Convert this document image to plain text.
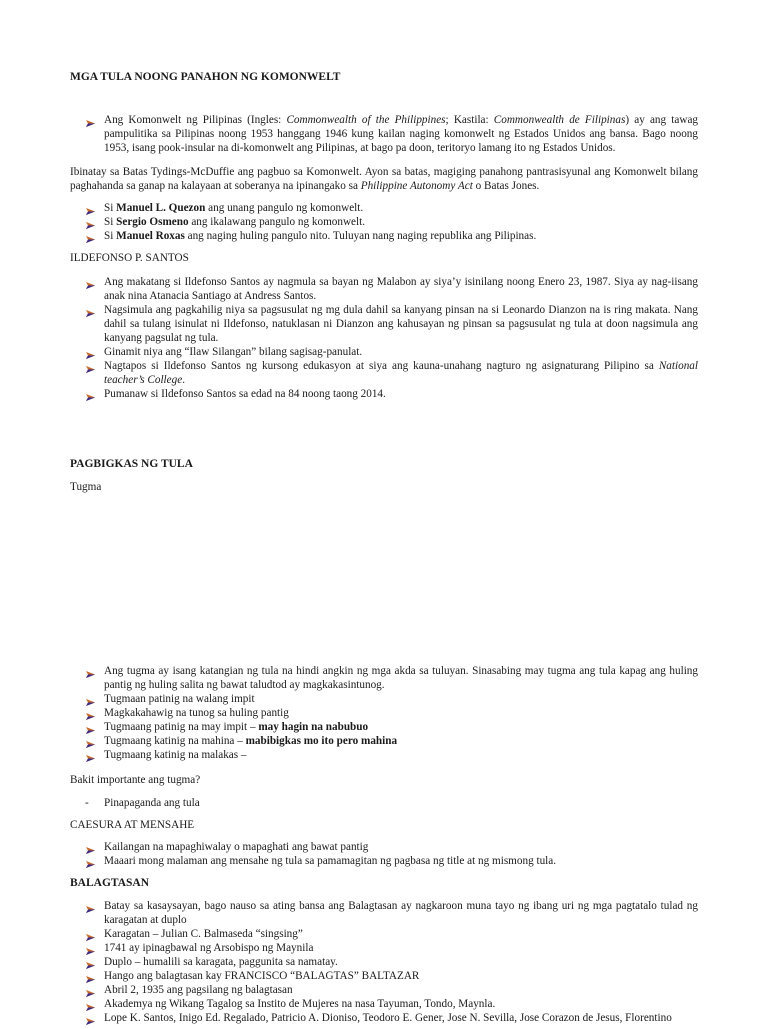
MGA TULA NOONG PANAHON NG KOMONWELT
Ang Komonwelt ng Pilipinas (Ingles: Commonwealth of the Philippines; Kastila: Commonwealth de Filipinas) ay ang tawag pampulitika sa Pilipinas noong 1953 hanggang 1946 kung kailan naging komonwelt ng Estados Unidos ang bansa. Bago noong 1953, isang pook-insular na di-komonwelt ang Pilipinas, at bago pa doon, teritoryo lamang ito ng Estados Unidos.
Ibinatay sa Batas Tydings-McDuffie ang pagbuo sa Komonwelt. Ayon sa batas, magiging panahong pantrasisyunal ang Komonwelt bilang paghahanda sa ganap na kalayaan at soberanya na ipinangako sa Philippine Autonomy Act o Batas Jones.
Si Manuel L. Quezon ang unang pangulo ng komonwelt.
Si Sergio Osmeno ang ikalawang pangulo ng komonwelt.
Si Manuel Roxas ang naging huling pangulo nito. Tuluyan nang naging republika ang Pilipinas.
ILDEFONSO P. SANTOS
Ang makatang si Ildefonso Santos ay nagmula sa bayan ng Malabon ay siya’y isinilang noong Enero 23, 1987. Siya ay nag-iisang anak nina Atanacia Santiago at Andress Santos.
Nagsimula ang pagkahilig niya sa pagsusulat ng mg dula dahil sa kanyang pinsan na si Leonardo Dianzon na is ring makata. Nang dahil sa tulang isinulat ni Ildefonso, natuklasan ni Dianzon ang kahusayan ng pinsan sa pagsusulat ng tula at doon nagsimula ang kanyang pagsulat ng tula.
Ginamit niya ang “Ilaw Silangan” bilang sagisag-panulat.
Nagtapos si Ildefonso Santos ng kursong edukasyon at siya ang kauna-unahang nagturo ng asignaturang Pilipino sa National teacher’s College.
Pumanaw si Ildefonso Santos sa edad na 84 noong taong 2014.
PAGBIGKAS NG TULA
Tugma
Ang tugma ay isang katangian ng tula na hindi angkin ng mga akda sa tuluyan. Sinasabing may tugma ang tula kapag ang huling pantig ng huling salita ng bawat taludtod ay magkakasintunog.
Tugmaan patinig na walang impit
Magkakahawig na tunog sa huling pantig
Tugmaang patinig na may impit – may hagin na nabubuo
Tugmaang katinig na mahina – mabibigkas mo ito pero mahina
Tugmaang katinig na malakas –
Bakit importante ang tugma?
- Pinapaganda ang tula
CAESURA AT MENSAHE
Kailangan na mapaghiwalay o mapaghati ang bawat pantig
Maaari mong malaman ang mensahe ng tula sa pamamagitan ng pagbasa ng title at ng mismong tula.
BALAGTASAN
Batay sa kasaysayan, bago nauso sa ating bansa ang Balagtasan ay nagkaroon muna tayo ng ibang uri ng mga pagtatalo tulad ng karagatan at duplo
Karagatan – Julian C. Balmaseda “singsing”
1741 ay ipinagbawal ng Arsobispo ng Maynila
Duplo – humalili sa karagata, paggunita sa namatay.
Hango ang balagtasan kay FRANCISCO “BALAGTAS” BALTAZAR
Abril 2, 1935 ang pagsilang ng balagtasan
Akademya ng Wikang Tagalog sa Instito de Mujeres na nasa Tayuman, Tondo, Maynla.
Lope K. Santos, Inigo Ed. Regalado, Patricio A. Dioniso, Teodoro E. Gener, Jose N. Sevilla, Jose Corazon de Jesus, Florentino
